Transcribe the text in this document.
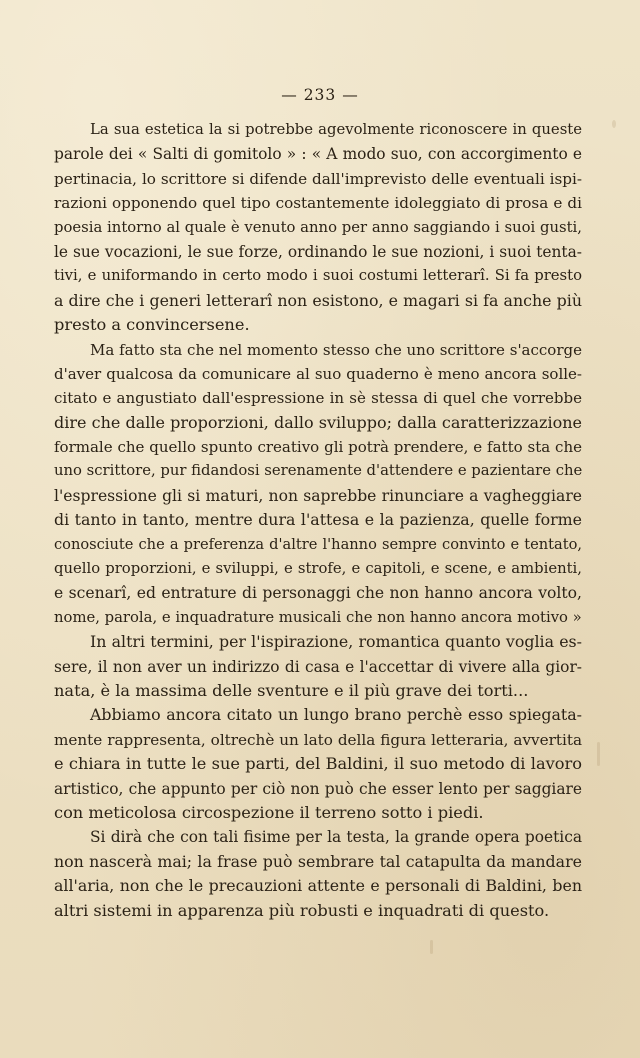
— 233 —
La sua estetica la si potrebbe agevolmente riconoscere in queste
parole dei « Salti di gomitolo » : « A modo suo, con accorgimento e
pertinacia, lo scrittore si difende dall'imprevisto delle eventuali ispi-
razioni opponendo quel tipo costantemente idoleggiato di prosa e di
poesia intorno al quale è venuto anno per anno saggiando i suoi gusti,
le sue vocazioni, le sue forze, ordinando le sue nozioni, i suoi tenta-
tivi, e uniformando in certo modo i suoi costumi letterarî. Si fa presto
a dire che i generi letterarî non esistono, e magari si fa anche più
presto a convincersene.
Ma fatto sta che nel momento stesso che uno scrittore s'accorge
d'aver qualcosa da comunicare al suo quaderno è meno ancora solle-
citato e angustiato dall'espressione in sè stessa di quel che vorrebbe
dire che dalle proporzioni, dallo sviluppo; dalla caratterizzazione
formale che quello spunto creativo gli potrà prendere, e fatto sta che
uno scrittore, pur fidandosi serenamente d'attendere e pazientare che
l'espressione gli si maturi, non saprebbe rinunciare a vagheggiare
di tanto in tanto, mentre dura l'attesa e la pazienza, quelle forme
conosciute che a preferenza d'altre l'hanno sempre convinto e tentato,
quello proporzioni, e sviluppi, e strofe, e capitoli, e scene, e ambienti,
e scenarî, ed entrature di personaggi che non hanno ancora volto,
nome, parola, e inquadrature musicali che non hanno ancora motivo »
In altri termini, per l'ispirazione, romantica quanto voglia es-
sere, il non aver un indirizzo di casa e l'accettar di vivere alla gior-
nata, è la massima delle sventure e il più grave dei torti...
Abbiamo ancora citato un lungo brano perchè esso spiegata-
mente rappresenta, oltrechè un lato della figura letteraria, avvertita
e chiara in tutte le sue parti, del Baldini, il suo metodo di lavoro
artistico, che appunto per ciò non può che esser lento per saggiare
con meticolosa circospezione il terreno sotto i piedi.
Si dirà che con tali fisime per la testa, la grande opera poetica
non nascerà mai; la frase può sembrare tal catapulta da mandare
all'aria, non che le precauzioni attente e personali di Baldini, ben
altri sistemi in apparenza più robusti e inquadrati di questo.
